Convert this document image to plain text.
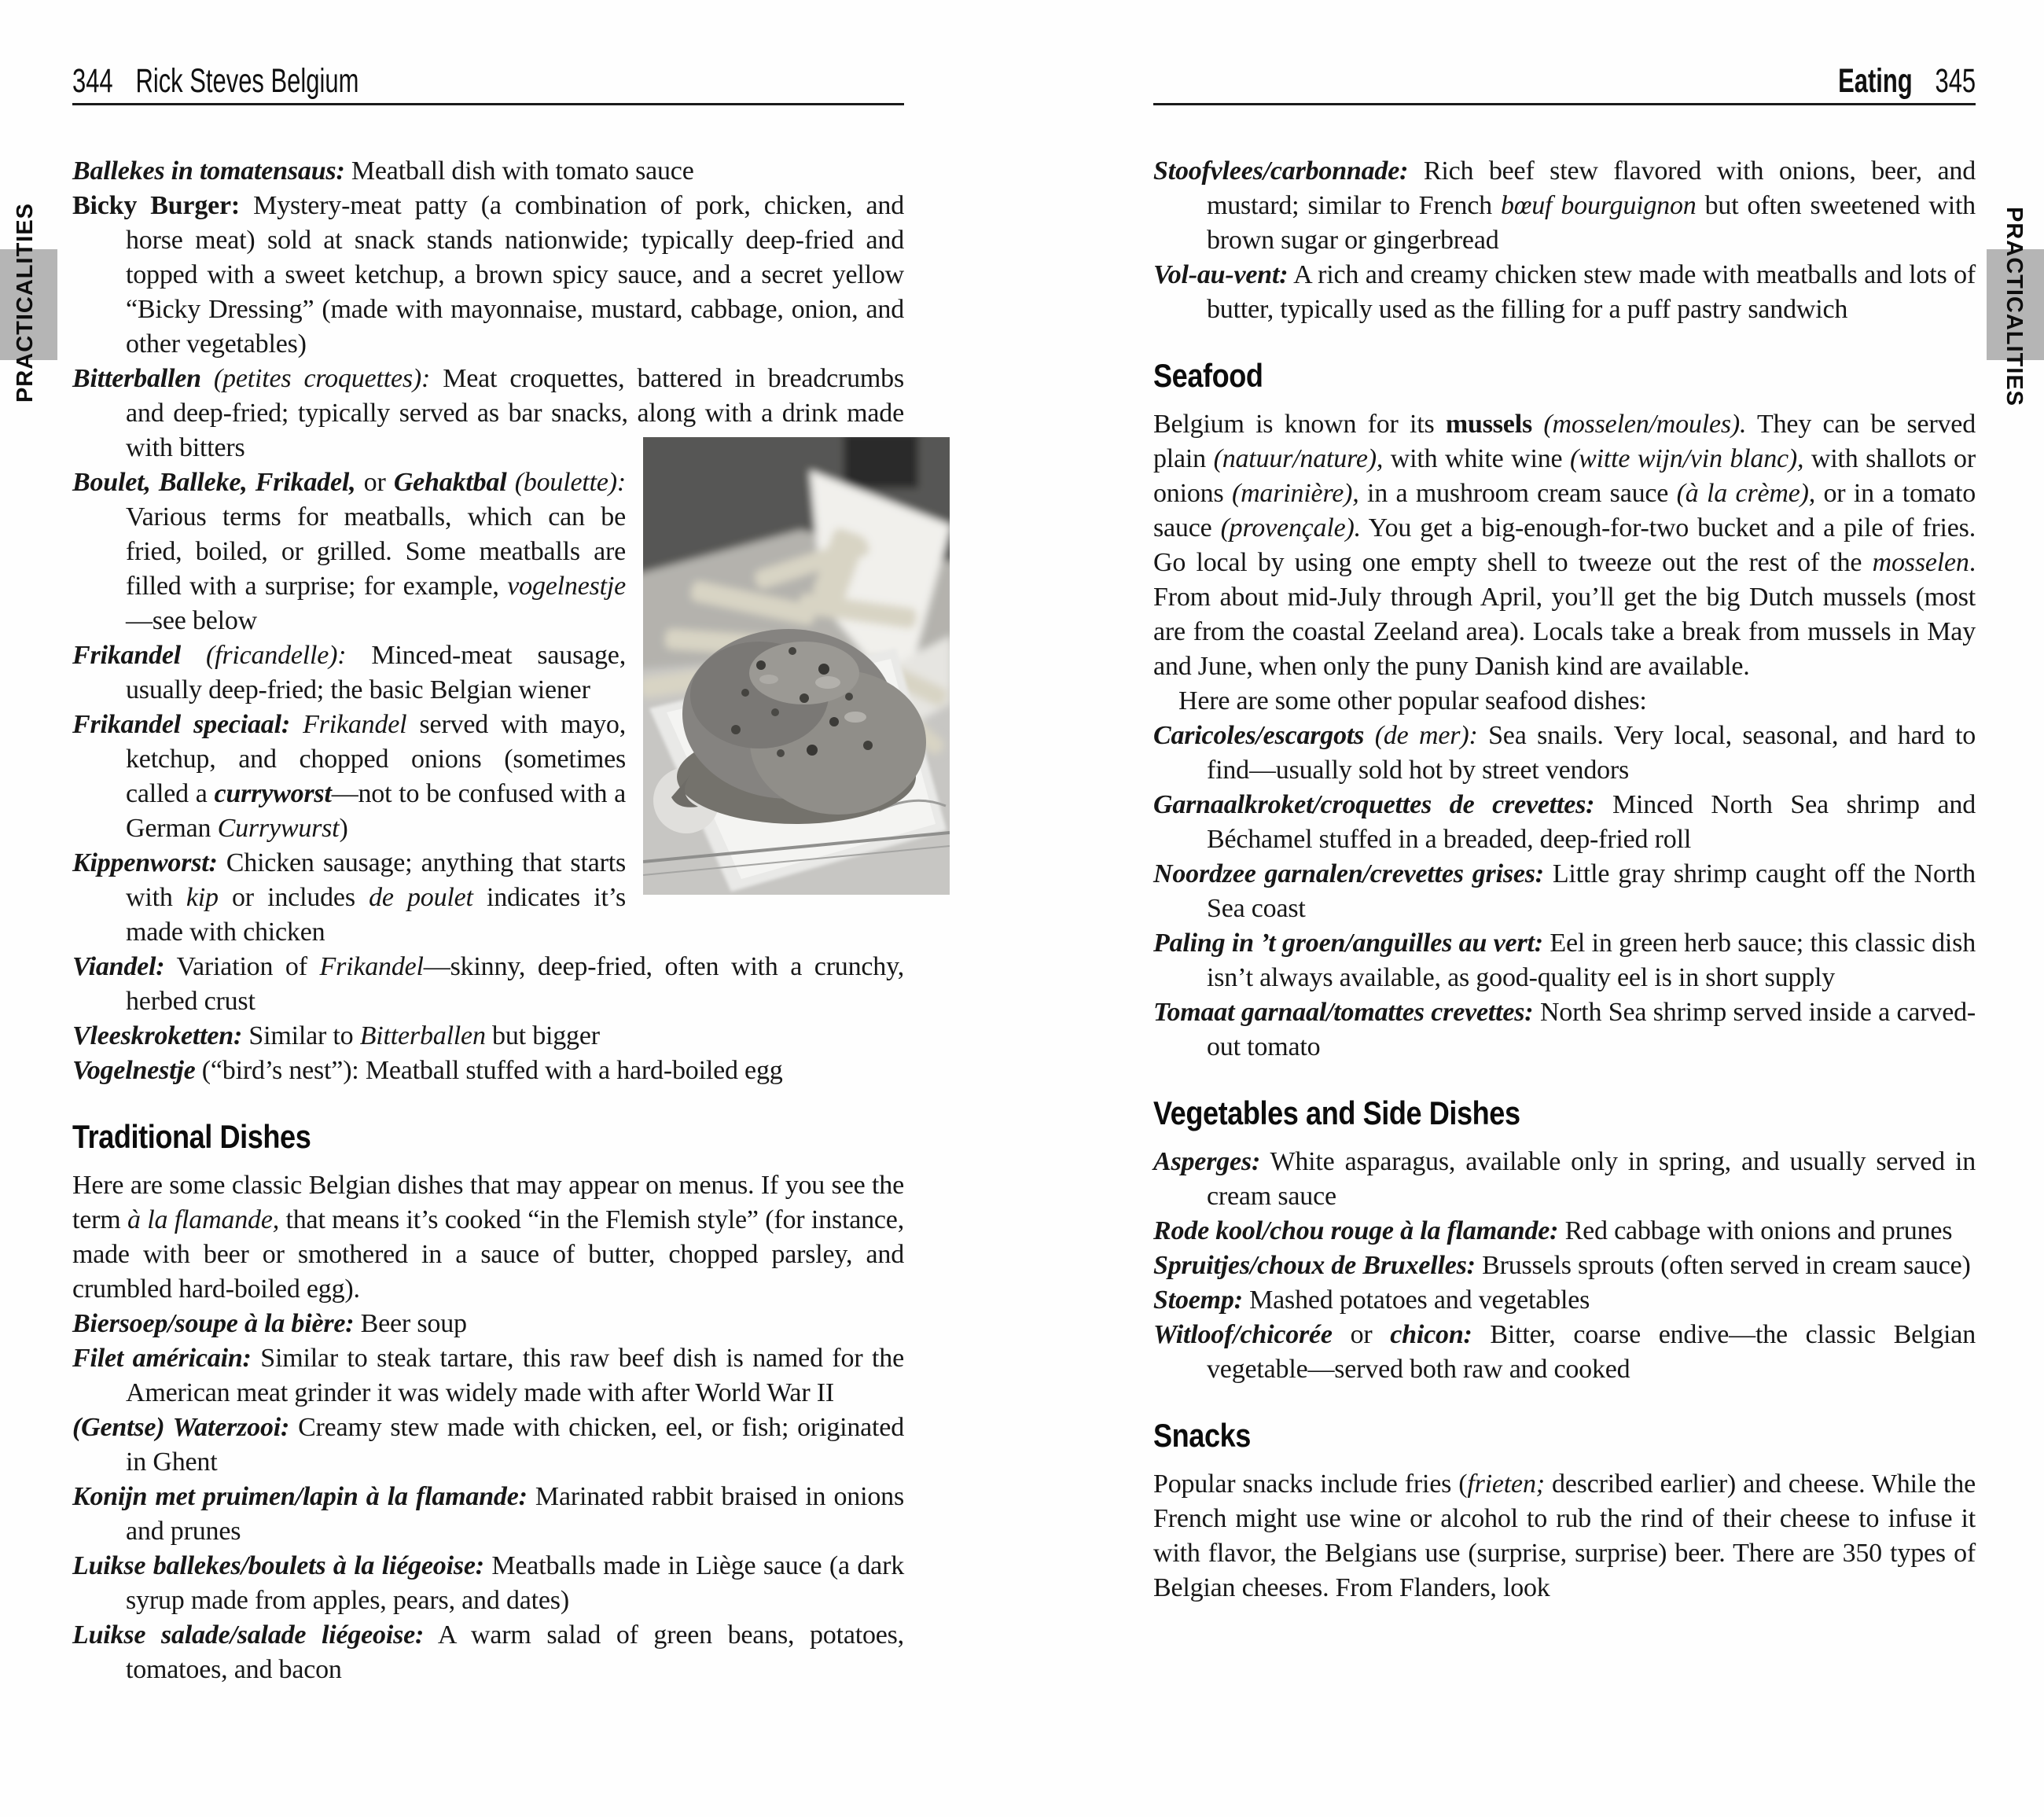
344 Rick Steves Belgium	Eating 345
PRACTICALITIES	PRACTICALITIES
Ballekes in tomatensaus: Meatball dish with tomato sauce
Bicky Burger: Mystery-meat patty (a combination of pork, chicken, and horse meat) sold at snack stands nationwide; typically deep-fried and topped with a sweet ketchup, a brown spicy sauce, and a secret yellow “Bicky Dressing” (made with mayonnaise, mustard, cabbage, onion, and other vegetables)
Bitterballen (petites croquettes): Meat croquettes, battered in breadcrumbs and deep-fried; typically served as bar snacks, along with a drink made with bitters
Boulet, Balleke, Frikadel, or Gehaktbal (boulette): Various terms for meatballs, which can be fried, boiled, or grilled. Some meatballs are filled with a surprise; for example, vogelnestje—see below
Frikandel (fricandelle): Minced-meat sausage, usually deep-fried; the basic Belgian wiener
Frikandel speciaal: Frikandel served with mayo, ketchup, and chopped onions (sometimes called a curryworst—not to be confused with a German Currywurst)
Kippenworst: Chicken sausage; anything that starts with kip or includes de poulet indicates it’s made with chicken
Viandel: Variation of Frikandel—skinny, deep-fried, often with a crunchy, herbed crust
Vleeskroketten: Similar to Bitterballen but bigger
Vogelnestje (“bird’s nest”): Meatball stuffed with a hard-boiled egg
Traditional Dishes
Here are some classic Belgian dishes that may appear on menus. If you see the term à la flamande, that means it’s cooked “in the Flemish style” (for instance, made with beer or smothered in a sauce of butter, chopped parsley, and crumbled hard-boiled egg).
Biersoep/soupe à la bière: Beer soup
Filet américain: Similar to steak tartare, this raw beef dish is named for the American meat grinder it was widely made with after World War II
(Gentse) Waterzooi: Creamy stew made with chicken, eel, or fish; originated in Ghent
Konijn met pruimen/lapin à la flamande: Marinated rabbit braised in onions and prunes
Luikse ballekes/boulets à la liégeoise: Meatballs made in Liège sauce (a dark syrup made from apples, pears, and dates)
Luikse salade/salade liégeoise: A warm salad of green beans, potatoes, tomatoes, and bacon
Stoofvlees/carbonnade: Rich beef stew flavored with onions, beer, and mustard; similar to French bœuf bourguignon but often sweetened with brown sugar or gingerbread
Vol-au-vent: A rich and creamy chicken stew made with meatballs and lots of butter, typically used as the filling for a puff pastry sandwich
Seafood
Belgium is known for its mussels (mosselen/moules). They can be served plain (natuur/nature), with white wine (witte wijn/vin blanc), with shallots or onions (marinière), in a mushroom cream sauce (à la crème), or in a tomato sauce (provençale). You get a big-enough-for-two bucket and a pile of fries. Go local by using one empty shell to tweeze out the rest of the mosselen. From about mid-July through April, you’ll get the big Dutch mussels (most are from the coastal Zeeland area). Locals take a break from mussels in May and June, when only the puny Danish kind are available.
Here are some other popular seafood dishes:
Caricoles/escargots (de mer): Sea snails. Very local, seasonal, and hard to find—usually sold hot by street vendors
Garnaalkroket/croquettes de crevettes: Minced North Sea shrimp and Béchamel stuffed in a breaded, deep-fried roll
Noordzee garnalen/crevettes grises: Little gray shrimp caught off the North Sea coast
Paling in ’t groen/anguilles au vert: Eel in green herb sauce; this classic dish isn’t always available, as good-quality eel is in short supply
Tomaat garnaal/tomattes crevettes: North Sea shrimp served inside a carved-out tomato
Vegetables and Side Dishes
Asperges: White asparagus, available only in spring, and usually served in cream sauce
Rode kool/chou rouge à la flamande: Red cabbage with onions and prunes
Spruitjes/choux de Bruxelles: Brussels sprouts (often served in cream sauce)
Stoemp: Mashed potatoes and vegetables
Witloof/chicorée or chicon: Bitter, coarse endive—the classic Belgian vegetable—served both raw and cooked
Snacks
Popular snacks include fries (frieten; described earlier) and cheese. While the French might use wine or alcohol to rub the rind of their cheese to infuse it with flavor, the Belgians use (surprise, surprise) beer. There are 350 types of Belgian cheeses. From Flanders, look
